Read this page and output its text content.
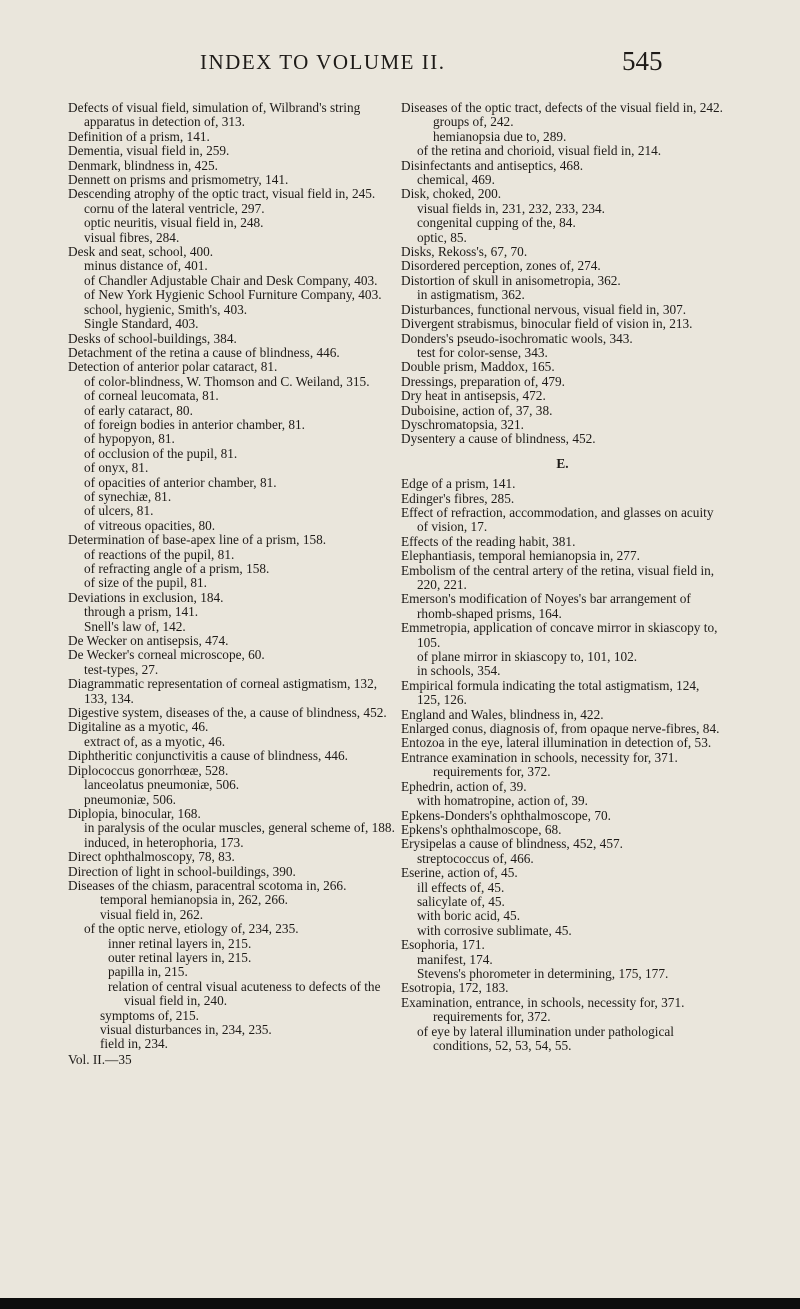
INDEX TO VOLUME II.	545
Defects of visual field, simulation of, Wilbrand's string apparatus in detection of, 313.
Definition of a prism, 141.
Dementia, visual field in, 259.
Denmark, blindness in, 425.
Dennett on prisms and prismometry, 141.
Descending atrophy of the optic tract, visual field in, 245.
cornu of the lateral ventricle, 297.
optic neuritis, visual field in, 248.
visual fibres, 284.
Desk and seat, school, 400.
minus distance of, 401.
of Chandler Adjustable Chair and Desk Company, 403.
of New York Hygienic School Furniture Company, 403.
school, hygienic, Smith's, 403.
Single Standard, 403.
Desks of school-buildings, 384.
Detachment of the retina a cause of blindness, 446.
Detection of anterior polar cataract, 81.
of color-blindness, W. Thomson and C. Weiland, 315.
of corneal leucomata, 81.
of early cataract, 80.
of foreign bodies in anterior chamber, 81.
of hypopyon, 81.
of occlusion of the pupil, 81.
of onyx, 81.
of opacities of anterior chamber, 81.
of synechiæ, 81.
of ulcers, 81.
of vitreous opacities, 80.
Determination of base-apex line of a prism, 158.
of reactions of the pupil, 81.
of refracting angle of a prism, 158.
of size of the pupil, 81.
Deviations in exclusion, 184.
through a prism, 141.
Snell's law of, 142.
De Wecker on antisepsis, 474.
De Wecker's corneal microscope, 60.
test-types, 27.
Diagrammatic representation of corneal astigmatism, 132, 133, 134.
Digestive system, diseases of the, a cause of blindness, 452.
Digitaline as a myotic, 46.
extract of, as a myotic, 46.
Diphtheritic conjunctivitis a cause of blindness, 446.
Diplococcus gonorrhœæ, 528.
lanceolatus pneumoniæ, 506.
pneumoniæ, 506.
Diplopia, binocular, 168.
in paralysis of the ocular muscles, general scheme of, 188.
induced, in heterophoria, 173.
Direct ophthalmoscopy, 78, 83.
Direction of light in school-buildings, 390.
Diseases of the chiasm, paracentral scotoma in, 266.
temporal hemianopsia in, 262, 266.
visual field in, 262.
of the optic nerve, etiology of, 234, 235.
inner retinal layers in, 215.
outer retinal layers in, 215.
papilla in, 215.
relation of central visual acuteness to defects of the visual field in, 240.
symptoms of, 215.
visual disturbances in, 234, 235.
field in, 234.
Vol. II.—35
Diseases of the optic tract, defects of the visual field in, 242.
groups of, 242.
hemianopsia due to, 289.
of the retina and chorioid, visual field in, 214.
Disinfectants and antiseptics, 468.
chemical, 469.
Disk, choked, 200.
visual fields in, 231, 232, 233, 234.
congenital cupping of the, 84.
optic, 85.
Disks, Rekoss's, 67, 70.
Disordered perception, zones of, 274.
Distortion of skull in anisometropia, 362.
in astigmatism, 362.
Disturbances, functional nervous, visual field in, 307.
Divergent strabismus, binocular field of vision in, 213.
Donders's pseudo-isochromatic wools, 343.
test for color-sense, 343.
Double prism, Maddox, 165.
Dressings, preparation of, 479.
Dry heat in antisepsis, 472.
Duboisine, action of, 37, 38.
Dyschromatopsia, 321.
Dysentery a cause of blindness, 452.
E.
Edge of a prism, 141.
Edinger's fibres, 285.
Effect of refraction, accommodation, and glasses on acuity of vision, 17.
Effects of the reading habit, 381.
Elephantiasis, temporal hemianopsia in, 277.
Embolism of the central artery of the retina, visual field in, 220, 221.
Emerson's modification of Noyes's bar arrangement of rhomb-shaped prisms, 164.
Emmetropia, application of concave mirror in skiascopy to, 105.
of plane mirror in skiascopy to, 101, 102.
in schools, 354.
Empirical formula indicating the total astigmatism, 124, 125, 126.
England and Wales, blindness in, 422.
Enlarged conus, diagnosis of, from opaque nerve-fibres, 84.
Entozoa in the eye, lateral illumination in detection of, 53.
Entrance examination in schools, necessity for, 371.
requirements for, 372.
Ephedrin, action of, 39.
with homatropine, action of, 39.
Epkens-Donders's ophthalmoscope, 70.
Epkens's ophthalmoscope, 68.
Erysipelas a cause of blindness, 452, 457.
streptococcus of, 466.
Eserine, action of, 45.
ill effects of, 45.
salicylate of, 45.
with boric acid, 45.
with corrosive sublimate, 45.
Esophoria, 171.
manifest, 174.
Stevens's phorometer in determining, 175, 177.
Esotropia, 172, 183.
Examination, entrance, in schools, necessity for, 371.
requirements for, 372.
of eye by lateral illumination under pathological conditions, 52, 53, 54, 55.
